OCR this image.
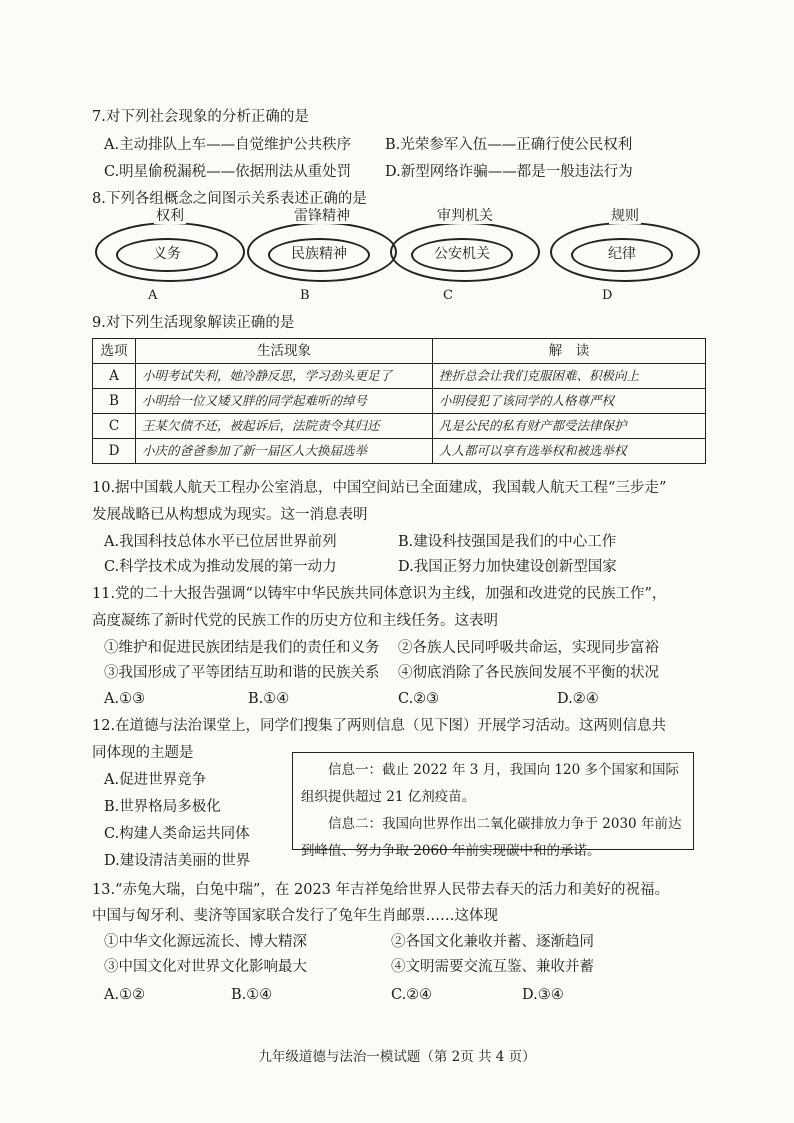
7.对下列社会现象的分析正确的是
A.主动排队上车——自觉维护公共秩序 B.光荣参军入伍——正确行使公民权利
C.明星偷税漏税——依据刑法从重处罚 D.新型网络诈骗——都是一般违法行为
8.下列各组概念之间图示关系表述正确的是
权利
义务
A
雷锋精神
民族精神
B
审判机关
公安机关
C
规则
纪律
D
9.对下列生活现象解读正确的是
选项	生活现象	解　读
A	小明考试失利，她冷静反思，学习劲头更足了	挫折总会让我们克服困难、积极向上
B	小明给一位又矮又胖的同学起难听的绰号	小明侵犯了该同学的人格尊严权
C	王某欠债不还，被起诉后，法院责令其归还	凡是公民的私有财产都受法律保护
D	小庆的爸爸参加了新一届区人大换届选举	人人都可以享有选举权和被选举权
10.据中国载人航天工程办公室消息，中国空间站已全面建成，我国载人航天工程“三步走”
发展战略已从构想成为现实。这一消息表明
A.我国科技总体水平已位居世界前列	B.建设科技强国是我们的中心工作
C.科学技术成为推动发展的第一动力	D.我国正努力加快建设创新型国家
11.党的二十大报告强调“以铸牢中华民族共同体意识为主线，加强和改进党的民族工作”，
高度凝练了新时代党的民族工作的历史方位和主线任务。这表明
①维护和促进民族团结是我们的责任和义务 ②各族人民同呼吸共命运，实现同步富裕
③我国形成了平等团结互助和谐的民族关系 ④彻底消除了各民族间发展不平衡的状况
A.①③	B.①④	C.②③	D.②④
12.在道德与法治课堂上，同学们搜集了两则信息（见下图）开展学习活动。这两则信息共
同体现的主题是
A.促进世界竞争
B.世界格局多极化
C.构建人类命运共同体
D.建设清洁美丽的世界
信息一：截止 2022 年 3 月，我国向 120 多个国家和国际组织提供超过 21 亿剂疫苗。
信息二：我国向世界作出二氧化碳排放力争于 2030 年前达到峰值、努力争取 2060 年前实现碳中和的承诺。
13.“赤兔大瑞，白兔中瑞”，在 2023 年吉祥兔给世界人民带去春天的活力和美好的祝福。
中国与匈牙利、斐济等国家联合发行了兔年生肖邮票……这体现
①中华文化源远流长、博大精深	②各国文化兼收并蓄、逐渐趋同
③中国文化对世界文化影响最大	④文明需要交流互鉴、兼收并蓄
A.①②	B.①④	C.②④	D.③④
九年级道德与法治一模试题（第 2页 共 4 页）
